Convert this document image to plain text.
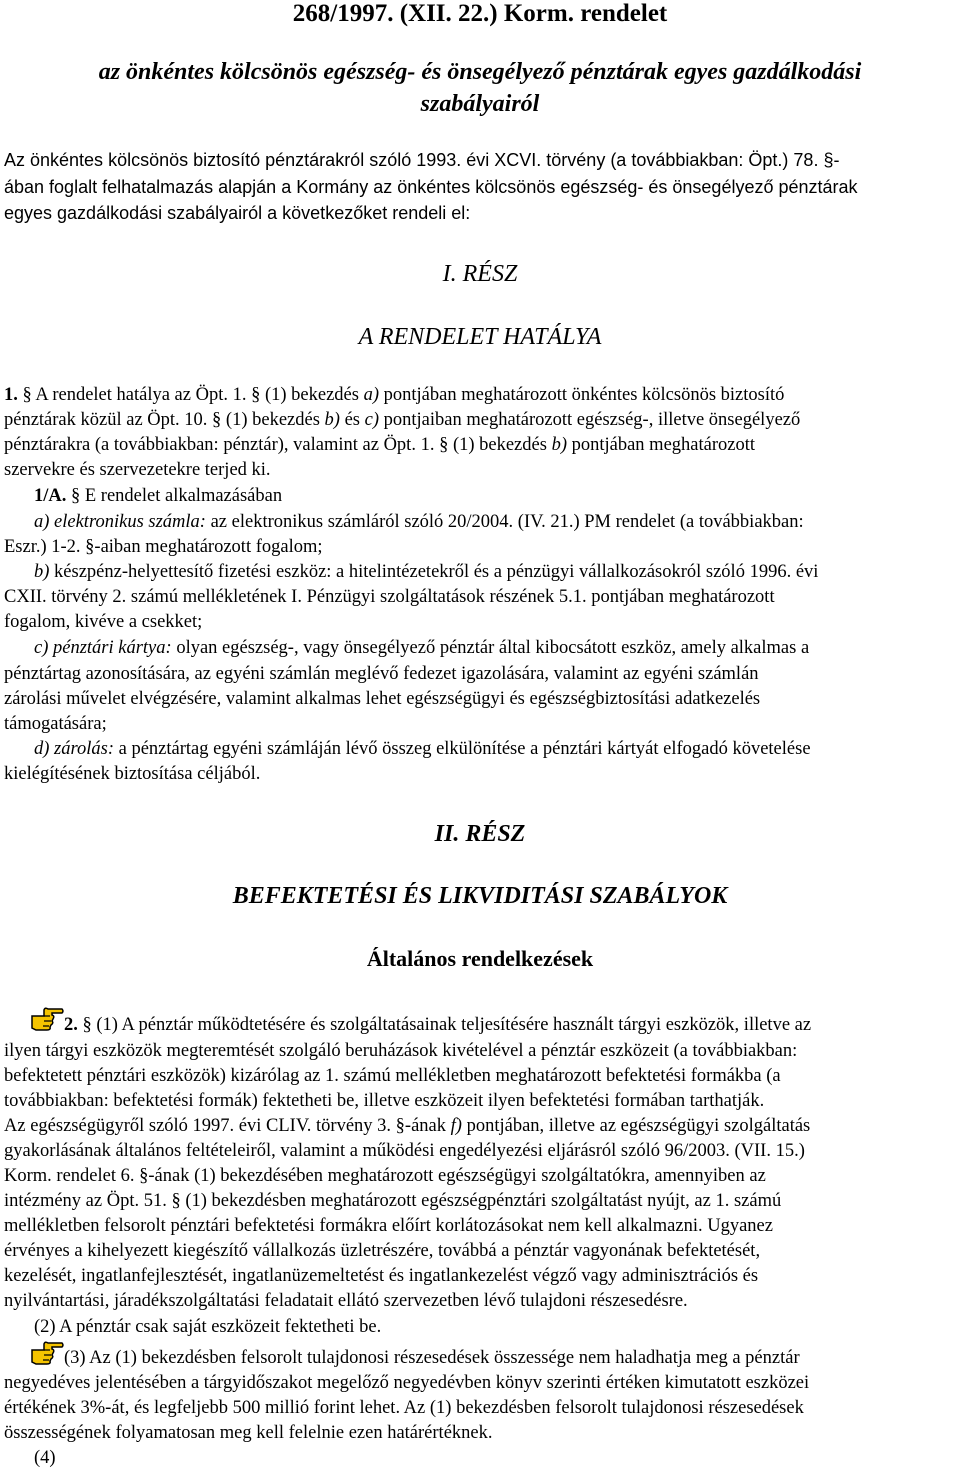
268/1997. (XII. 22.) Korm. rendelet
az önkéntes kölcsönös egészség- és önsegélyező pénztárak egyes gazdálkodási
szabályairól
Az önkéntes kölcsönös biztosító pénztárakról szóló 1993. évi XCVI. törvény (a továbbiakban: Öpt.) 78. §-
ában foglalt felhatalmazás alapján a Kormány az önkéntes kölcsönös egészség- és önsegélyező pénztárak
egyes gazdálkodási szabályairól a következőket rendeli el:
I. RÉSZ
A RENDELET HATÁLYA
1. § A rendelet hatálya az Öpt. 1. § (1) bekezdés a) pontjában meghatározott önkéntes kölcsönös biztosító
pénztárak közül az Öpt. 10. § (1) bekezdés b) és c) pontjaiban meghatározott egészség-, illetve önsegélyező
pénztárakra (a továbbiakban: pénztár), valamint az Öpt. 1. § (1) bekezdés b) pontjában meghatározott
szervekre és szervezetekre terjed ki.
1/A. § E rendelet alkalmazásában
a) elektronikus számla: az elektronikus számláról szóló 20/2004. (IV. 21.) PM rendelet (a továbbiakban:
Eszr.) 1-2. §-aiban meghatározott fogalom;
b) készpénz-helyettesítő fizetési eszköz: a hitelintézetekről és a pénzügyi vállalkozásokról szóló 1996. évi
CXII. törvény 2. számú mellékletének I. Pénzügyi szolgáltatások részének 5.1. pontjában meghatározott
fogalom, kivéve a csekket;
c) pénztári kártya: olyan egészség-, vagy önsegélyező pénztár által kibocsátott eszköz, amely alkalmas a
pénztártag azonosítására, az egyéni számlán meglévő fedezet igazolására, valamint az egyéni számlán
zárolási művelet elvégzésére, valamint alkalmas lehet egészségügyi és egészségbiztosítási adatkezelés
támogatására;
d) zárolás: a pénztártag egyéni számláján lévő összeg elkülönítése a pénztári kártyát elfogadó követelése
kielégítésének biztosítása céljából.
II. RÉSZ
BEFEKTETÉSI ÉS LIKVIDITÁSI SZABÁLYOK
Általános rendelkezések
2. § (1) A pénztár működtetésére és szolgáltatásainak teljesítésére használt tárgyi eszközök, illetve az
ilyen tárgyi eszközök megteremtését szolgáló beruházások kivételével a pénztár eszközeit (a továbbiakban:
befektetett pénztári eszközök) kizárólag az 1. számú mellékletben meghatározott befektetési formákba (a
továbbiakban: befektetési formák) fektetheti be, illetve eszközeit ilyen befektetési formában tarthatják.
Az egészségügyről szóló 1997. évi CLIV. törvény 3. §-ának f) pontjában, illetve az egészségügyi szolgáltatás
gyakorlásának általános feltételeiről, valamint a működési engedélyezési eljárásról szóló 96/2003. (VII. 15.)
Korm. rendelet 6. §-ának (1) bekezdésében meghatározott egészségügyi szolgáltatókra, amennyiben az
intézmény az Öpt. 51. § (1) bekezdésben meghatározott egészségpénztári szolgáltatást nyújt, az 1. számú
mellékletben felsorolt pénztári befektetési formákra előírt korlátozásokat nem kell alkalmazni. Ugyanez
érvényes a kihelyezett kiegészítő vállalkozás üzletrészére, továbbá a pénztár vagyonának befektetését,
kezelését, ingatlanfejlesztését, ingatlanüzemeltetést és ingatlankezelést végző vagy adminisztrációs és
nyilvántartási, járadékszolgáltatási feladatait ellátó szervezetben lévő tulajdoni részesedésre.
(2) A pénztár csak saját eszközeit fektetheti be.
(3) Az (1) bekezdésben felsorolt tulajdonosi részesedések összessége nem haladhatja meg a pénztár
negyedéves jelentésében a tárgyidőszakot megelőző negyedévben könyv szerinti értéken kimutatott eszközei
értékének 3%-át, és legfeljebb 500 millió forint lehet. Az (1) bekezdésben felsorolt tulajdonosi részesedések
összességének folyamatosan meg kell felelnie ezen határértéknek.
(4)
